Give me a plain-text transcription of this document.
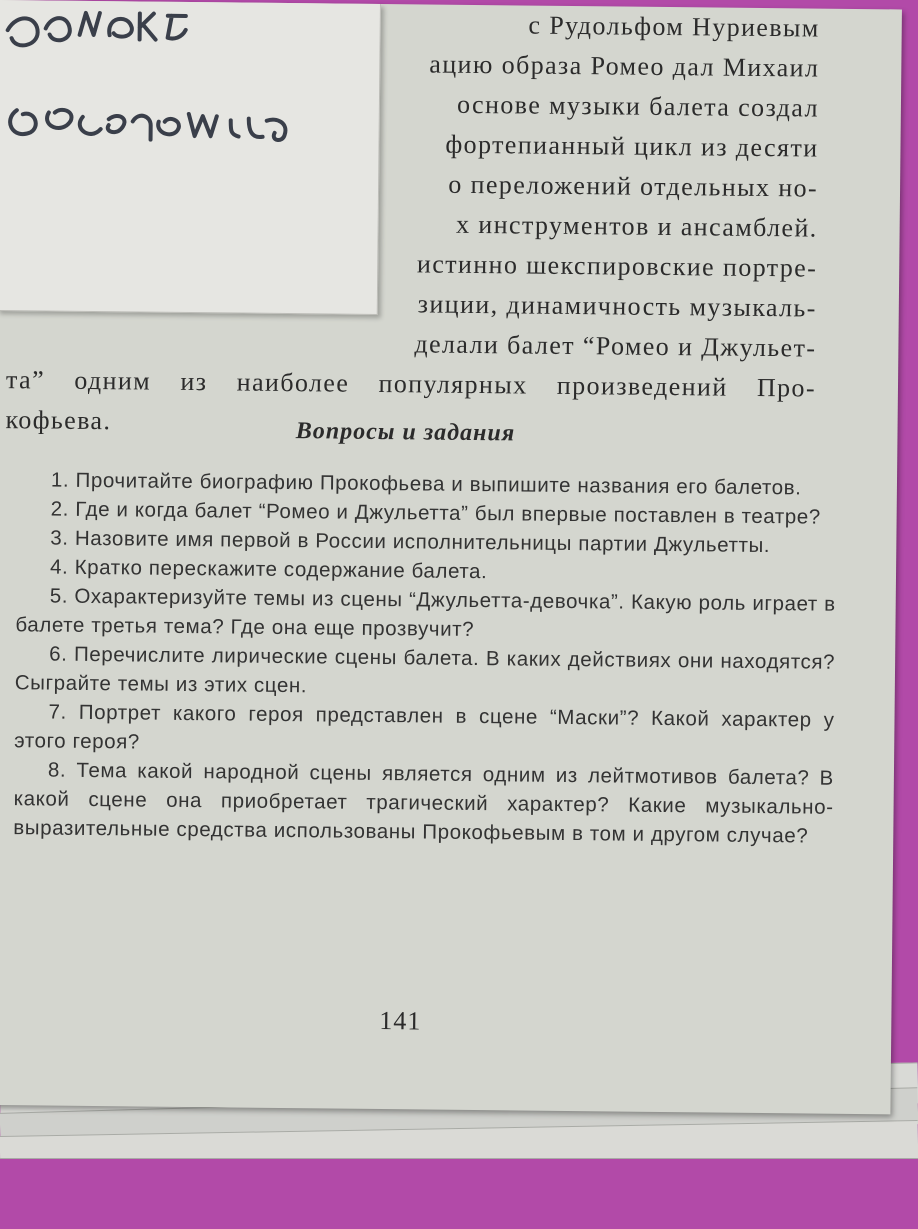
с Рудольфом Нуриевым
ацию образа Ромео дал Михаил
основе музыки балета создал
фортепианный цикл из десяти
о переложений отдельных но-
х инструментов и ансамблей.
истинно шекспировские портре-
зиции, динамичность музыкаль-
делали балет “Ромео и Джульет-
та” одним из наиболее популярных произведений Про-
кофьева.	Вопросы и задания

1. Прочитайте биографию Прокофьева и выпишите названия его балетов.

2. Где и когда балет “Ромео и Джульетта” был впервые поставлен в театре?

3. Назовите имя первой в России исполнительницы партии Джульетты.

4. Кратко перескажите содержание балета.

5. Охарактеризуйте темы из сцены “Джульетта-девочка”. Какую роль играет в балете третья тема? Где она еще прозвучит?

6. Перечислите лирические сцены балета. В каких действиях они находятся? Сыграйте темы из этих сцен.

7. Портрет какого героя представлен в сцене “Маски”? Какой характер у этого героя?

8. Тема какой народной сцены является одним из лейтмотивов балета? В какой сцене она приобретает трагический характер? Какие музыкально-выразительные средства использованы Прокофьевым в том и другом случае?

141
